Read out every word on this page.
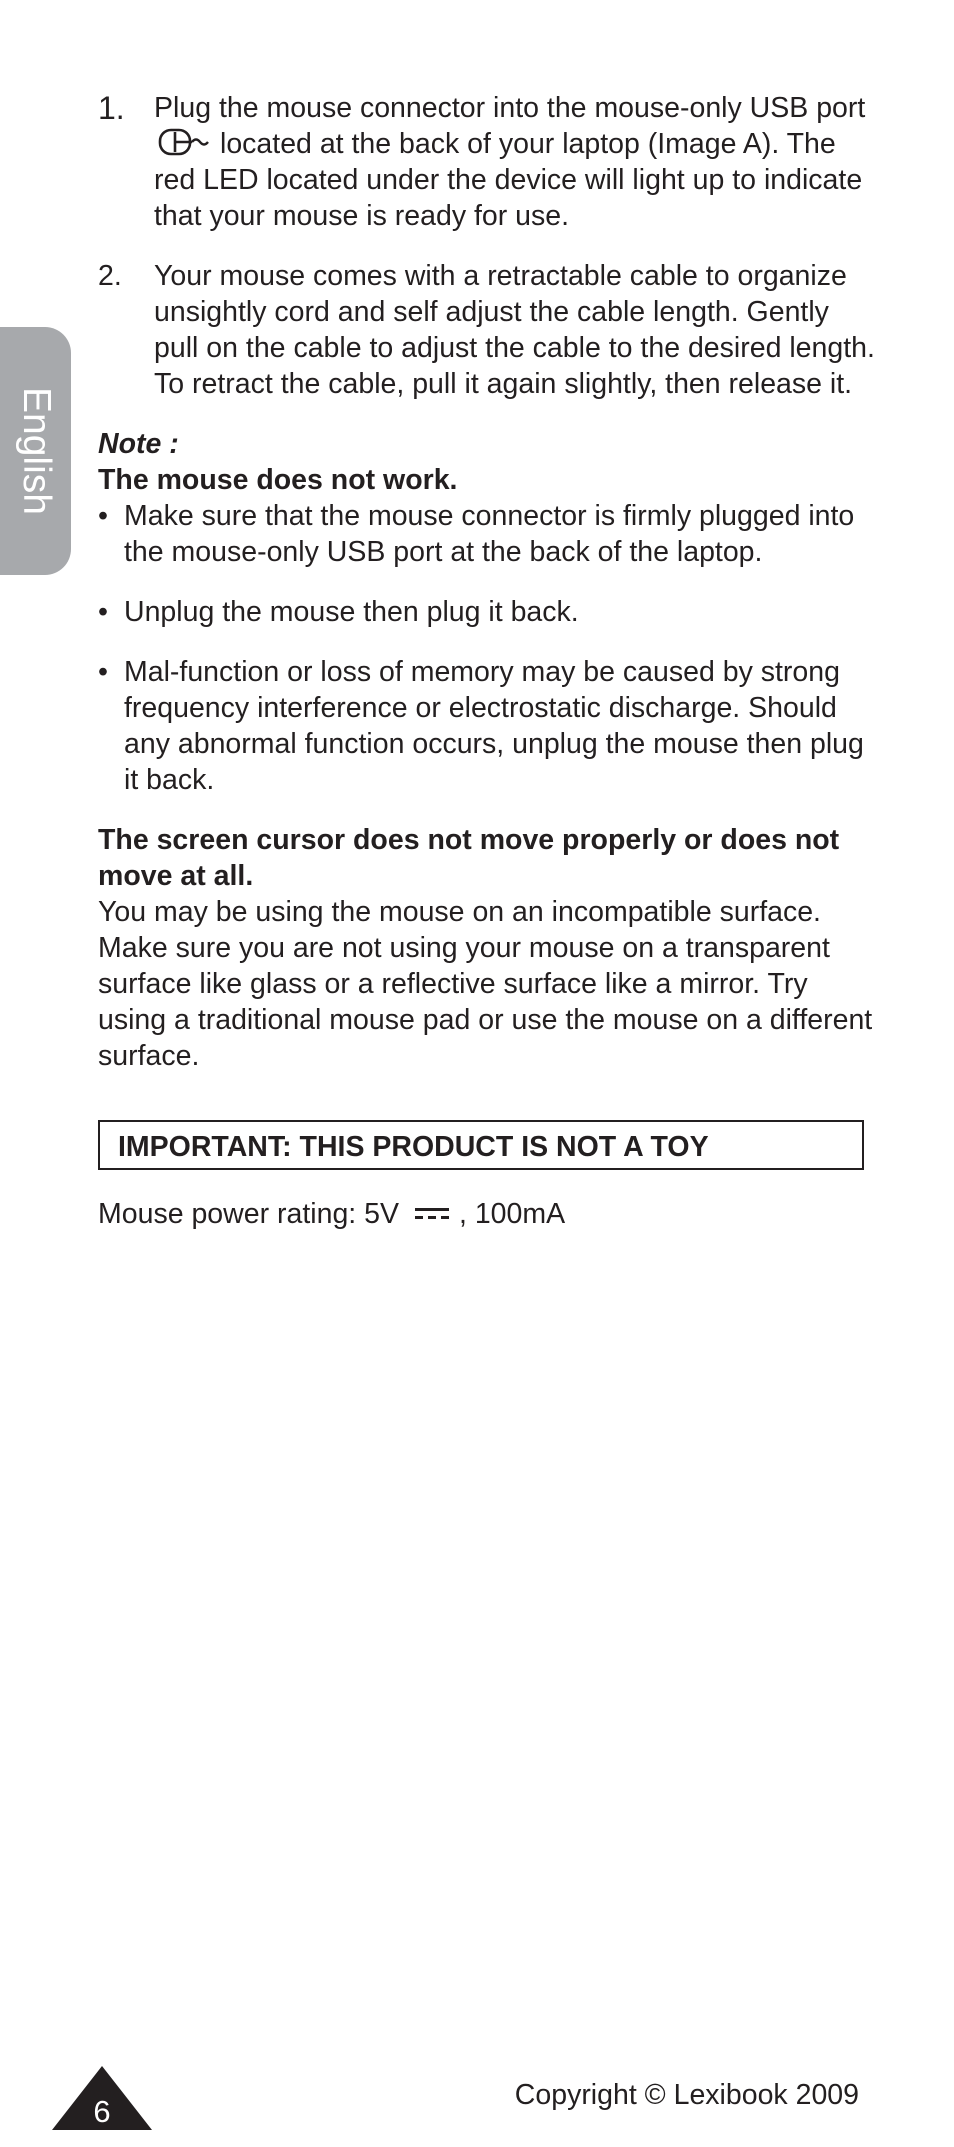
English
1. Plug the mouse connector into the mouse-only USB portlocated at the back of your laptop (Image A). The red LED located under the device will light up to indicate that your mouse is ready for use.
2. Your mouse comes with a retractable cable to organize unsightly cord and self adjust the cable length. Gently pull on the cable to adjust the cable to the desired length. To retract the cable, pull it again slightly, then release it.
Note :
The mouse does not work.
• Make sure that the mouse connector is firmly plugged into the mouse-only USB port at the back of the laptop.
• Unplug the mouse then plug it back.
• Mal-function or loss of memory may be caused by strong frequency interference or electrostatic discharge. Should any abnormal function occurs, unplug the mouse then plug it back.
The screen cursor does not move properly or does not move at all.
You may be using the mouse on an incompatible surface. Make sure you are not using your mouse on a transparent surface like glass or a reflective surface like a mirror. Try using a traditional mouse pad or use the mouse on a different surface.
IMPORTANT: THIS PRODUCT IS NOT A TOY
Mouse power rating: 5V , 100mA
6	Copyright © Lexibook 2009
